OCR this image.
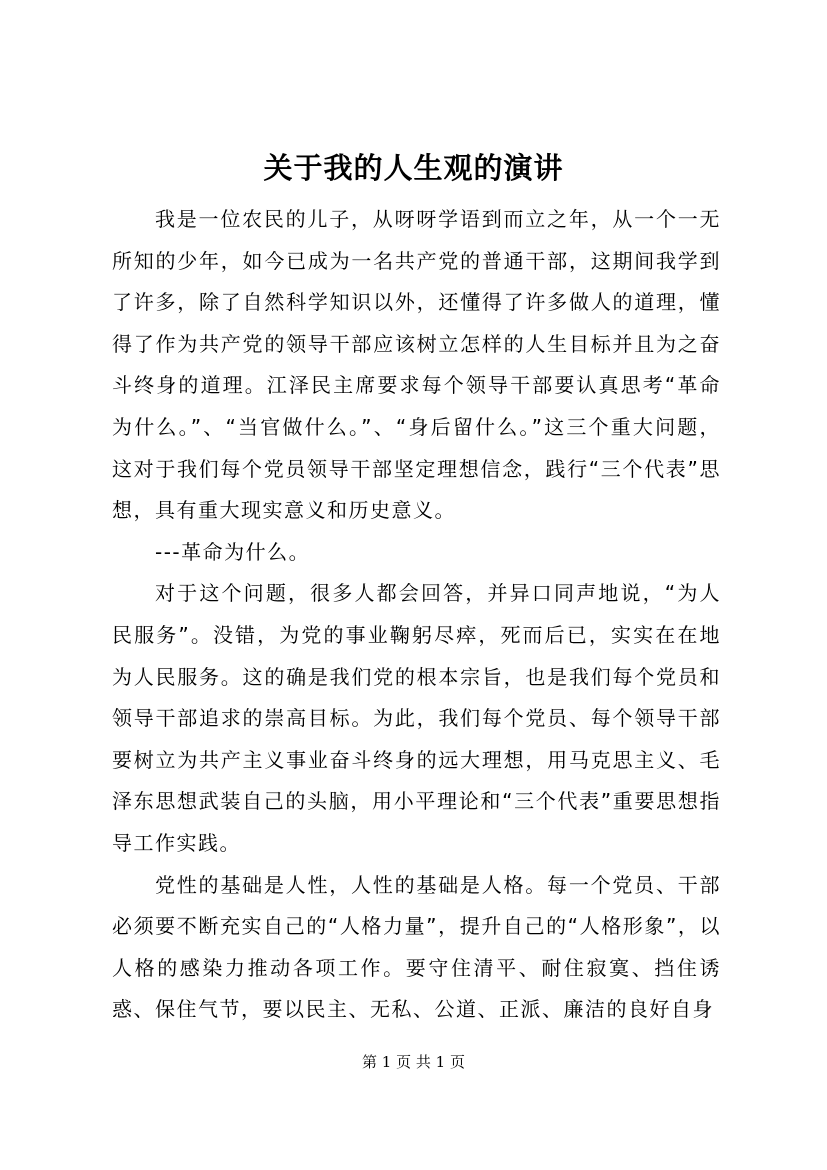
关于我的人生观的演讲

我是一位农民的儿子，从呀呀学语到而立之年，从一个一无所知的少年，如今已成为一名共产党的普通干部，这期间我学到了许多，除了自然科学知识以外，还懂得了许多做人的道理，懂得了作为共产党的领导干部应该树立怎样的人生目标并且为之奋斗终身的道理。江泽民主席要求每个领导干部要认真思考“革命为什么。”、“当官做什么。”、“身后留什么。”这三个重大问题，这对于我们每个党员领导干部坚定理想信念，践行“三个代表”思想，具有重大现实意义和历史意义。

---革命为什么。

对于这个问题，很多人都会回答，并异口同声地说，“为人民服务”。没错，为党的事业鞠躬尽瘁，死而后已，实实在在地为人民服务。这的确是我们党的根本宗旨，也是我们每个党员和领导干部追求的崇高目标。为此，我们每个党员、每个领导干部要树立为共产主义事业奋斗终身的远大理想，用马克思主义、毛泽东思想武装自己的头脑，用小平理论和“三个代表”重要思想指导工作实践。

党性的基础是人性，人性的基础是人格。每一个党员、干部必须要不断充实自己的“人格力量”，提升自己的“人格形象”，以人格的感染力推动各项工作。要守住清平、耐住寂寞、挡住诱惑、保住气节，要以民主、无私、公道、正派、廉洁的良好自身

第 1 页 共 1 页
